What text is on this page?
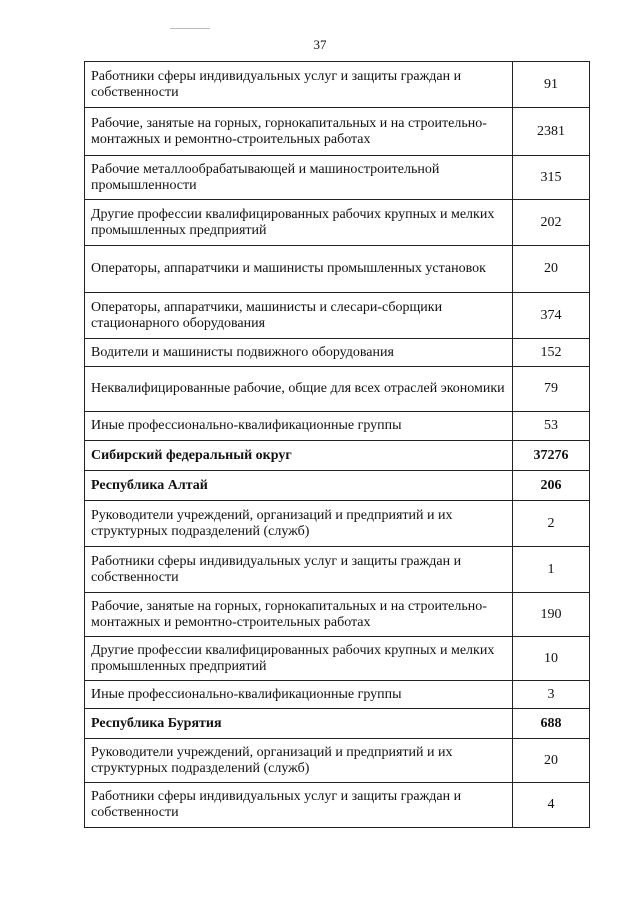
37
Работники сферы индивидуальных услуг и защиты граждан и собственности	91
Рабочие, занятые на горных, горнокапитальных и на строительно-монтажных и ремонтно-строительных работах	2381
Рабочие металлообрабатывающей и машиностроительной промышленности	315
Другие профессии квалифицированных рабочих крупных и мелких промышленных предприятий	202
Операторы, аппаратчики и машинисты промышленных установок	20
Операторы, аппаратчики, машинисты и слесари-сборщики стационарного оборудования	374
Водители и машинисты подвижного оборудования	152
Неквалифицированные рабочие, общие для всех отраслей экономики	79
Иные профессионально-квалификационные группы	53
Сибирский федеральный округ	37276
Республика Алтай	206
Руководители учреждений, организаций и предприятий и их структурных подразделений (служб)	2
Работники сферы индивидуальных услуг и защиты граждан и собственности	1
Рабочие, занятые на горных, горнокапитальных и на строительно-монтажных и ремонтно-строительных работах	190
Другие профессии квалифицированных рабочих крупных и мелких промышленных предприятий	10
Иные профессионально-квалификационные группы	3
Республика Бурятия	688
Руководители учреждений, организаций и предприятий и их структурных подразделений (служб)	20
Работники сферы индивидуальных услуг и защиты граждан и собственности	4
